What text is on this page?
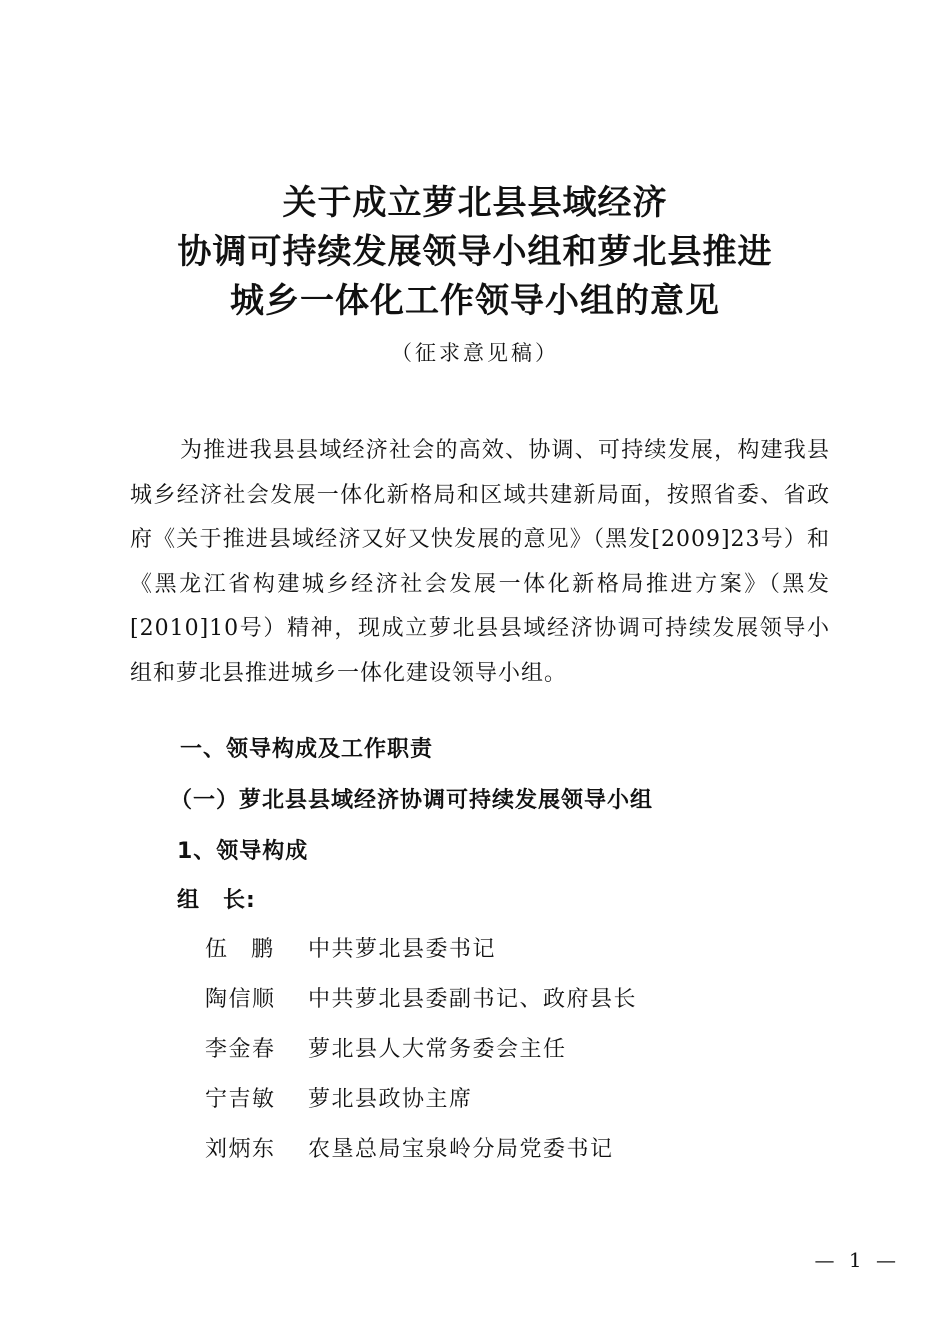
关于成立萝北县县域经济
协调可持续发展领导小组和萝北县推进
城乡一体化工作领导小组的意见
（征求意见稿）

为推进我县县域经济社会的高效、协调、可持续发展，构建我县城乡经济社会发展一体化新格局和区域共建新局面，按照省委、省政府《关于推进县域经济又好又快发展的意见》（黑发[2009]23号）和《黑龙江省构建城乡经济社会发展一体化新格局推进方案》（黑发[2010]10号）精神，现成立萝北县县域经济协调可持续发展领导小组和萝北县推进城乡一体化建设领导小组。

一、领导构成及工作职责
（一）萝北县县域经济协调可持续发展领导小组
1、领导构成
组　长:
伍鹏 中共萝北县委书记
陶信顺 中共萝北县委副书记、政府县长
李金春 萝北县人大常务委会主任
宁吉敏 萝北县政协主席
刘炳东 农垦总局宝泉岭分局党委书记
— 1 —
